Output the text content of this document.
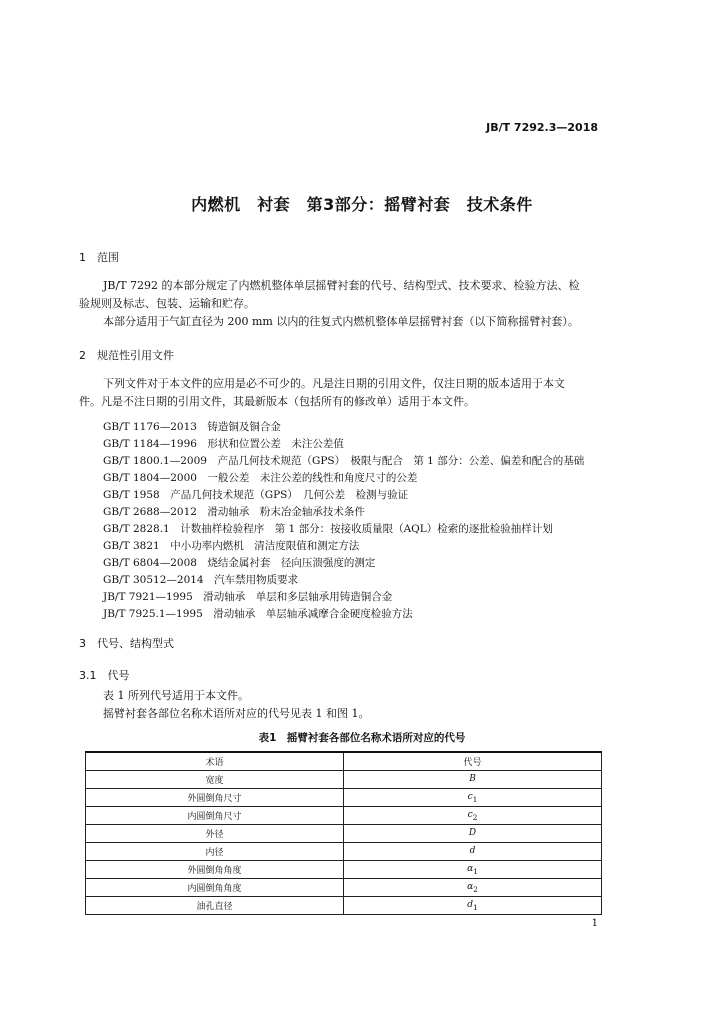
JB/T 7292.3—2018
内燃机　衬套　第3部分：摇臂衬套　技术条件
1　范围
JB/T 7292 的本部分规定了内燃机整体单层摇臂衬套的代号、结构型式、技术要求、检验方法、检
验规则及标志、包装、运输和贮存。
本部分适用于气缸直径为 200 mm 以内的往复式内燃机整体单层摇臂衬套（以下简称摇臂衬套）。
2　规范性引用文件
下列文件对于本文件的应用是必不可少的。凡是注日期的引用文件，仅注日期的版本适用于本文
件。凡是不注日期的引用文件，其最新版本（包括所有的修改单）适用于本文件。
GB/T 1176—2013　铸造铜及铜合金
GB/T 1184—1996　形状和位置公差　未注公差值
GB/T 1800.1—2009　产品几何技术规范（GPS）　极限与配合　第 1 部分：公差、偏差和配合的基础
GB/T 1804—2000　一般公差　未注公差的线性和角度尺寸的公差
GB/T 1958　产品几何技术规范（GPS）　几何公差　检测与验证
GB/T 2688—2012　滑动轴承　粉末冶金轴承技术条件
GB/T 2828.1　计数抽样检验程序　第 1 部分：按接收质量限（AQL）检索的逐批检验抽样计划
GB/T 3821　中小功率内燃机　清洁度限值和测定方法
GB/T 6804—2008　烧结金属衬套　径向压溃强度的测定
GB/T 30512—2014　汽车禁用物质要求
JB/T 7921—1995　滑动轴承　单层和多层轴承用铸造铜合金
JB/T 7925.1—1995　滑动轴承　单层轴承减摩合金硬度检验方法
3　代号、结构型式
3.1　代号
表 1 所列代号适用于本文件。
摇臂衬套各部位名称术语所对应的代号见表 1 和图 1。
表1　摇臂衬套各部位名称术语所对应的代号
术语	代号
宽度	B
外圆倒角尺寸	$c_1$
内圆倒角尺寸	$c_2$
外径	D
内径	d
外圆倒角角度	$\alpha_1$
内圆倒角角度	$\alpha_2$
油孔直径	$d_1$
1
